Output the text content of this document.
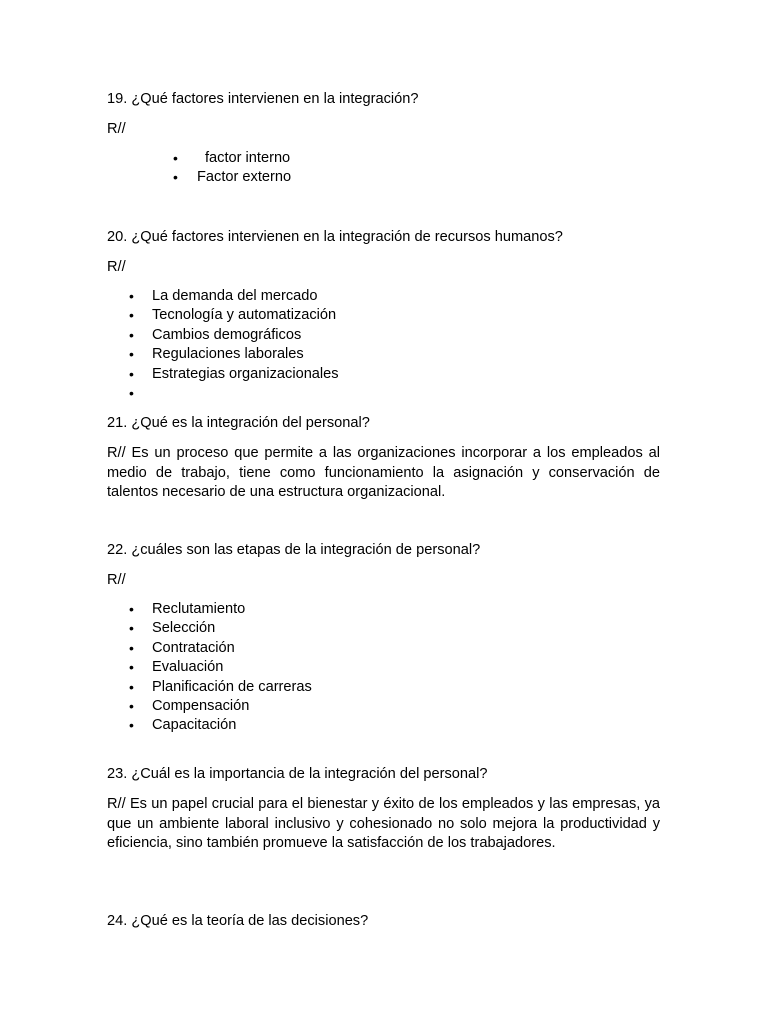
19. ¿Qué factores intervienen en la integración?

R//

• factor interno
• Factor externo

20. ¿Qué factores intervienen en la integración de recursos humanos?

R//

• La demanda del mercado
• Tecnología y automatización
• Cambios demográficos
• Regulaciones laborales
• Estrategias organizacionales
•

21. ¿Qué es la integración del personal?

R// Es un proceso que permite a las organizaciones incorporar a los empleados al medio de trabajo, tiene como funcionamiento la asignación y conservación de talentos necesario de una estructura organizacional.

22. ¿cuáles son las etapas de la integración de personal?

R//

• Reclutamiento
• Selección
• Contratación
• Evaluación
• Planificación de carreras
• Compensación
• Capacitación

23. ¿Cuál es la importancia de la integración del personal?

R// Es un papel crucial para el bienestar y éxito de los empleados y las empresas, ya que un ambiente laboral inclusivo y cohesionado no solo mejora la productividad y eficiencia, sino también promueve la satisfacción de los trabajadores.

24. ¿Qué es la teoría de las decisiones?
